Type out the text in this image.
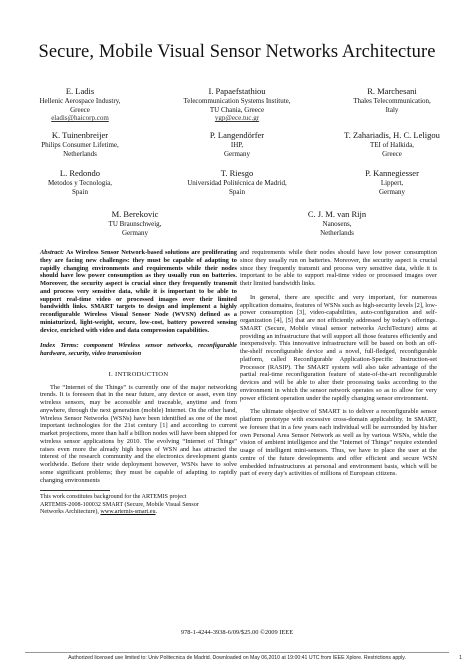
Secure, Mobile Visual Sensor Networks Architecture
E. Ladis
Hellenic Aerospace Industry,
Greece
eladis@haicorp.com
I. Papaefstathiou
Telecommunication Systems Institute,
TU Chania, Greece
ygp@ece.tuc.gr
R. Marchesani
Thales Telecommunication,
Italy
K. Tuinenbreijer
Philips Consumer Lifetime,
Netherlands
P. Langendörfer
IHP,
Germany
T. Zahariadis, H. C. Leligou
TEI of Halkida,
Greece
L. Redondo
Metodos y Tecnologia,
Spain
T. Riesgo
Universidad Politécnica de Madrid,
Spain
P. Kannegiesser
Lippert,
Germany
M. Berekovic
TU Braunschweig,
Germany
C. J. M. van Rijn
Nanosens,
Netherlands
Abstract: As Wireless Sensor Network-based solutions are proliferating they are facing new challenges: they must be capable of adapting to rapidly changing environments and requirements while their nodes should have low power consumption as they usually run on batteries. Moreover, the security aspect is crucial since they frequently transmit and process very sensitive data, while it is important to be able to support real-time video or processed images over their limited bandwidth links. SMART targets to design and implement a highly reconfigurable Wireless Visual Sensor Node (WVSN) defined as a miniaturized, light-weight, secure, low-cost, battery powered sensing device, enriched with video and data compression capabilities.
Index Terms: component Wireless sensor networks, reconfigurable hardware, security, video transmission
I. INTRODUCTION
The “Internet of the Things” is currently one of the major networking trends. It is foreseen that in the near future, any device or asset, even tiny wireless sensors, may be accessible and traceable, anytime and from anywhere, through the next generation (mobile) Internet. On the other hand, Wireless Sensor Networks (WSNs) have been identified as one of the most important technologies for the 21st century [1] and according to current market projections, more than half a billion nodes will have been shipped for wireless sensor applications by 2010. The evolving “Internet of Things” raises even more the already high hopes of WSN and has attracted the interest of the research community and the electronics development giants worldwide. Before their wide deployment however, WSNs have to solve some significant problems; they must be capable of adapting to rapidly changing environments
This work constitutes background for the ARTEMIS project
ARTEMIS-2008-100032 SMART (Secure, Mobile Visual Sensor
Networks Architecture), www.artemis-smart.eu.
and requirements while their nodes should have low power consumption since they usually run on batteries. Moreover, the security aspect is crucial since they frequently transmit and process very sensitive data, while it is important to be able to support real-time video or processed images over their limited bandwidth links.
In general, there are specific and very important, for numerous application domains, features of WSNs such as high-security levels [2], low-power consumption [3], video-capabilities, auto-configuration and self-organization [4], [5] that are not efficiently addressed by today's offerings. SMART (Secure, Mobile visual sensor networks ArchiTecture) aims at providing an infrastructure that will support all those features efficiently and inexpensively. This innovative infrastructure will be based on both an off-the-shelf reconfigurable device and a novel, full-fledged, reconfigurable platform, called Reconfigurable Application-Specific Instruction-set Processor (RASIP). The SMART system will also take advantage of the partial real-time reconfiguration feature of state-of-the-art reconfigurable devices and will be able to alter their processing tasks according to the environment in which the sensor network operates so as to allow for very power efficient operation under the rapidly changing sensor environment.
The ultimate objective of SMART is to deliver a reconfigurable sensor platform prototype with excessive cross-domain applicability. In SMART, we foresee that in a few years each individual will be surrounded by his/her own Personal Area Sensor Network as well as by various WSNs, while the vision of ambient intelligence and the “Internet of Things” require extended usage of intelligent mini-sensors. Thus, we have to place the user at the centre of the future developments and offer efficient and secure WSN embedded infrastructures at personal and environment basis, which will be part of every day's activities of millions of European citizens.
978-1-4244-3938-6/09/$25.00 ©2009 IEEE
Authorized licensed use limited to: Univ Politecnica de Madrid. Downloaded on May 06,2010 at 19:00:41 UTC from IEEE Xplore. Restrictions apply.	1
